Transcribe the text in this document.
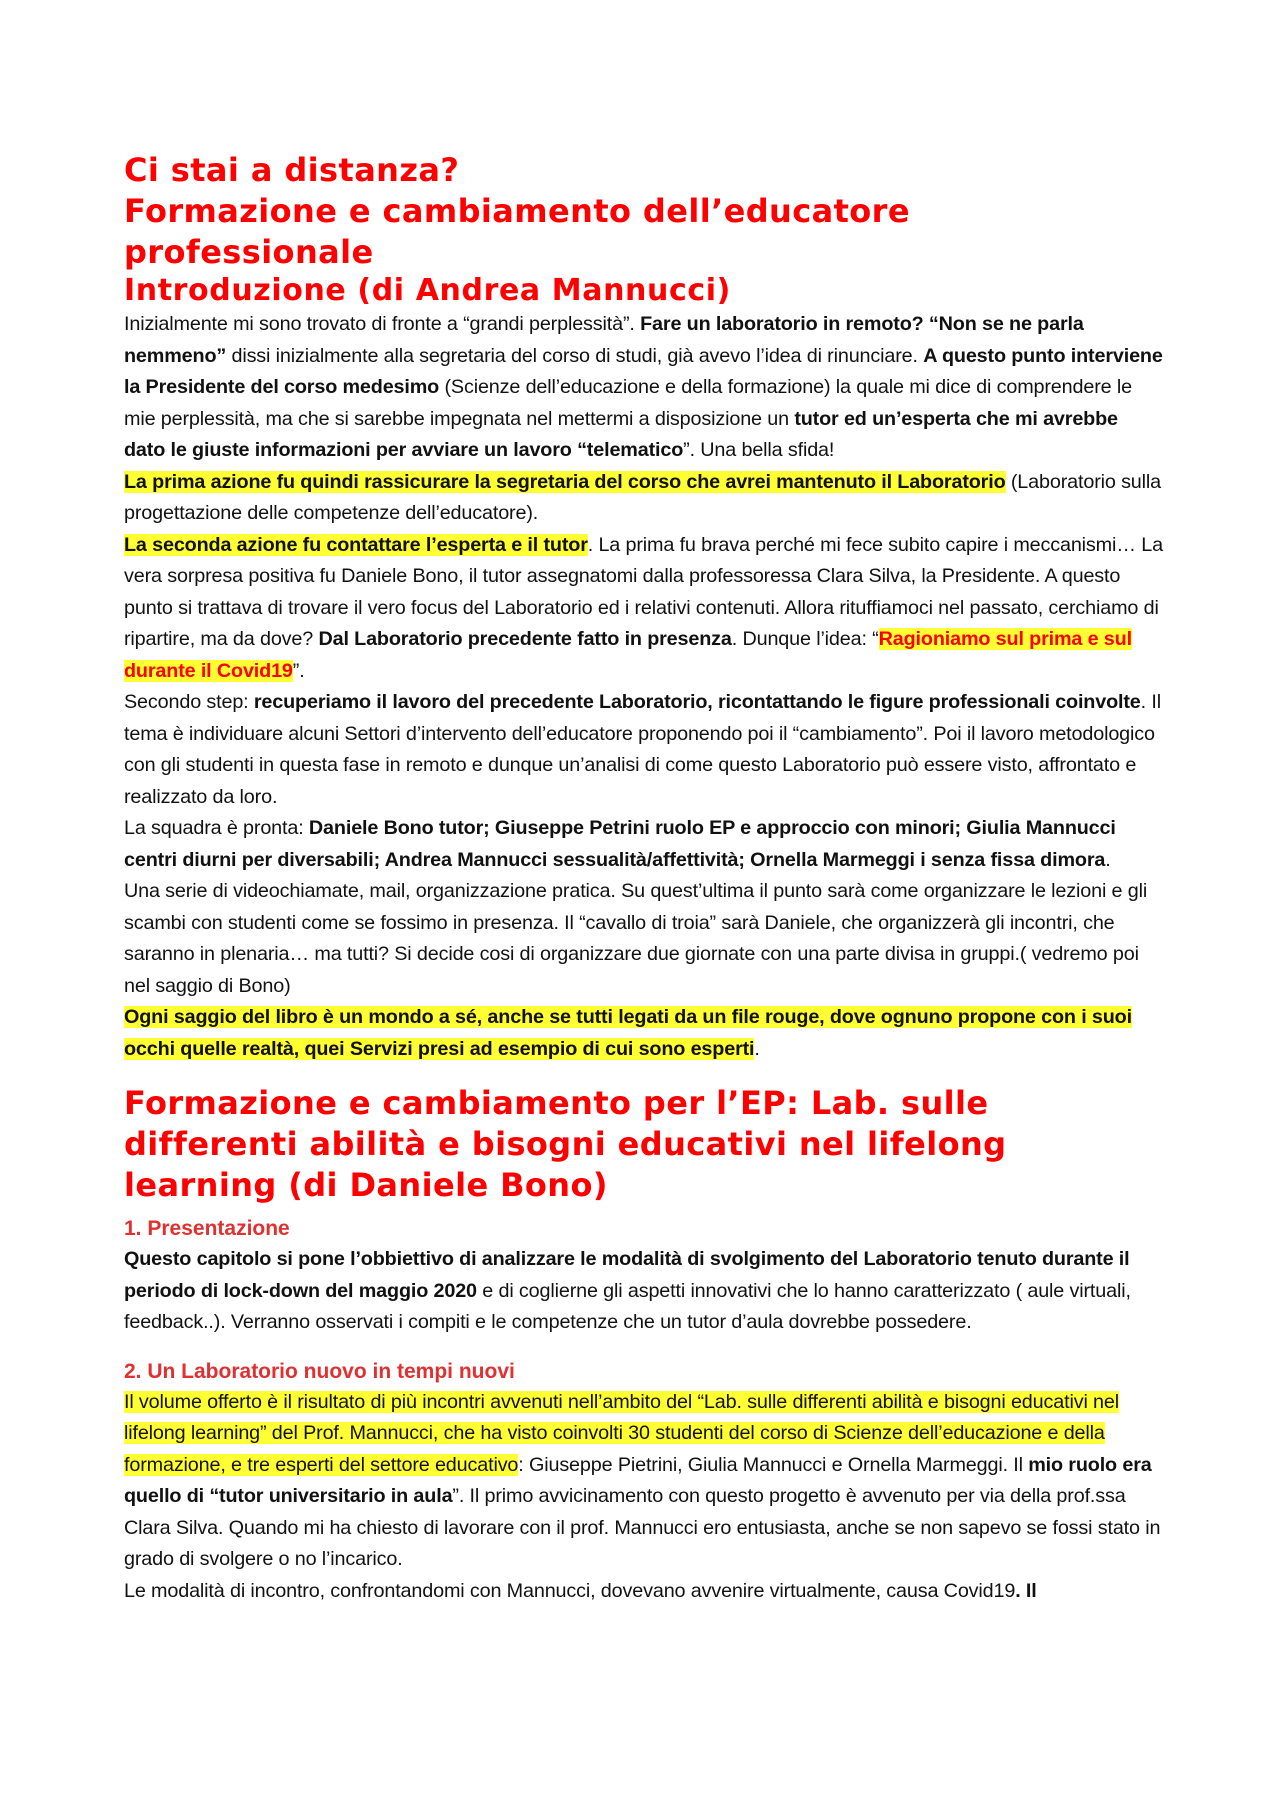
Ci stai a distanza?
Formazione e cambiamento dell’educatore professionale
Introduzione (di Andrea Mannucci)

Inizialmente mi sono trovato di fronte a “grandi perplessità”. Fare un laboratorio in remoto? “Non se ne parla nemmeno” dissi inizialmente alla segretaria del corso di studi, già avevo l’idea di rinunciare. A questo punto interviene la Presidente del corso medesimo (Scienze dell’educazione e della formazione) la quale mi dice di comprendere le mie perplessità, ma che si sarebbe impegnata nel mettermi a disposizione un tutor ed un’esperta che mi avrebbe dato le giuste informazioni per avviare un lavoro “telematico”. Una bella sfida!

La prima azione fu quindi rassicurare la segretaria del corso che avrei mantenuto il Laboratorio (Laboratorio sulla progettazione delle competenze dell’educatore).

La seconda azione fu contattare l’esperta e il tutor. La prima fu brava perché mi fece subito capire i meccanismi… La vera sorpresa positiva fu Daniele Bono, il tutor assegnatomi dalla professoressa Clara Silva, la Presidente. A questo punto si trattava di trovare il vero focus del Laboratorio ed i relativi contenuti. Allora rituffiamoci nel passato, cerchiamo di ripartire, ma da dove? Dal Laboratorio precedente fatto in presenza. Dunque l’idea: “Ragioniamo sul prima e sul durante il Covid19”.

Secondo step: recuperiamo il lavoro del precedente Laboratorio, ricontattando le figure professionali coinvolte. Il tema è individuare alcuni Settori d’intervento dell’educatore proponendo poi il “cambiamento”. Poi il lavoro metodologico con gli studenti in questa fase in remoto e dunque un’analisi di come questo Laboratorio può essere visto, affrontato e realizzato da loro.

La squadra è pronta: Daniele Bono tutor; Giuseppe Petrini ruolo EP e approccio con minori; Giulia Mannucci centri diurni per diversabili; Andrea Mannucci sessualità/affettività; Ornella Marmeggi i senza fissa dimora.

Una serie di videochiamate, mail, organizzazione pratica. Su quest’ultima il punto sarà come organizzare le lezioni e gli scambi con studenti come se fossimo in presenza. Il “cavallo di troia” sarà Daniele, che organizzerà gli incontri, che saranno in plenaria… ma tutti? Si decide cosi di organizzare due giornate con una parte divisa in gruppi.( vedremo poi nel saggio di Bono)

Ogni saggio del libro è un mondo a sé, anche se tutti legati da un file rouge, dove ognuno propone con i suoi occhi quelle realtà, quei Servizi presi ad esempio di cui sono esperti.

Formazione e cambiamento per l’EP: Lab. sulle differenti abilità e bisogni educativi nel lifelong learning (di Daniele Bono)
1. Presentazione

Questo capitolo si pone l’obbiettivo di analizzare le modalità di svolgimento del Laboratorio tenuto durante il periodo di lock-down del maggio 2020 e di coglierne gli aspetti innovativi che lo hanno caratterizzato ( aule virtuali, feedback..). Verranno osservati i compiti e le competenze che un tutor d’aula dovrebbe possedere.

2. Un Laboratorio nuovo in tempi nuovi

Il volume offerto è il risultato di più incontri avvenuti nell’ambito del “Lab. sulle differenti abilità e bisogni educativi nel lifelong learning” del Prof. Mannucci, che ha visto coinvolti 30 studenti del corso di Scienze dell’educazione e della formazione, e tre esperti del settore educativo: Giuseppe Pietrini, Giulia Mannucci e Ornella Marmeggi. Il mio ruolo era quello di “tutor universitario in aula”. Il primo avvicinamento con questo progetto è avvenuto per via della prof.ssa Clara Silva. Quando mi ha chiesto di lavorare con il prof. Mannucci ero entusiasta, anche se non sapevo se fossi stato in grado di svolgere o no l’incarico.

Le modalità di incontro, confrontandomi con Mannucci, dovevano avvenire virtualmente, causa Covid19. Il
